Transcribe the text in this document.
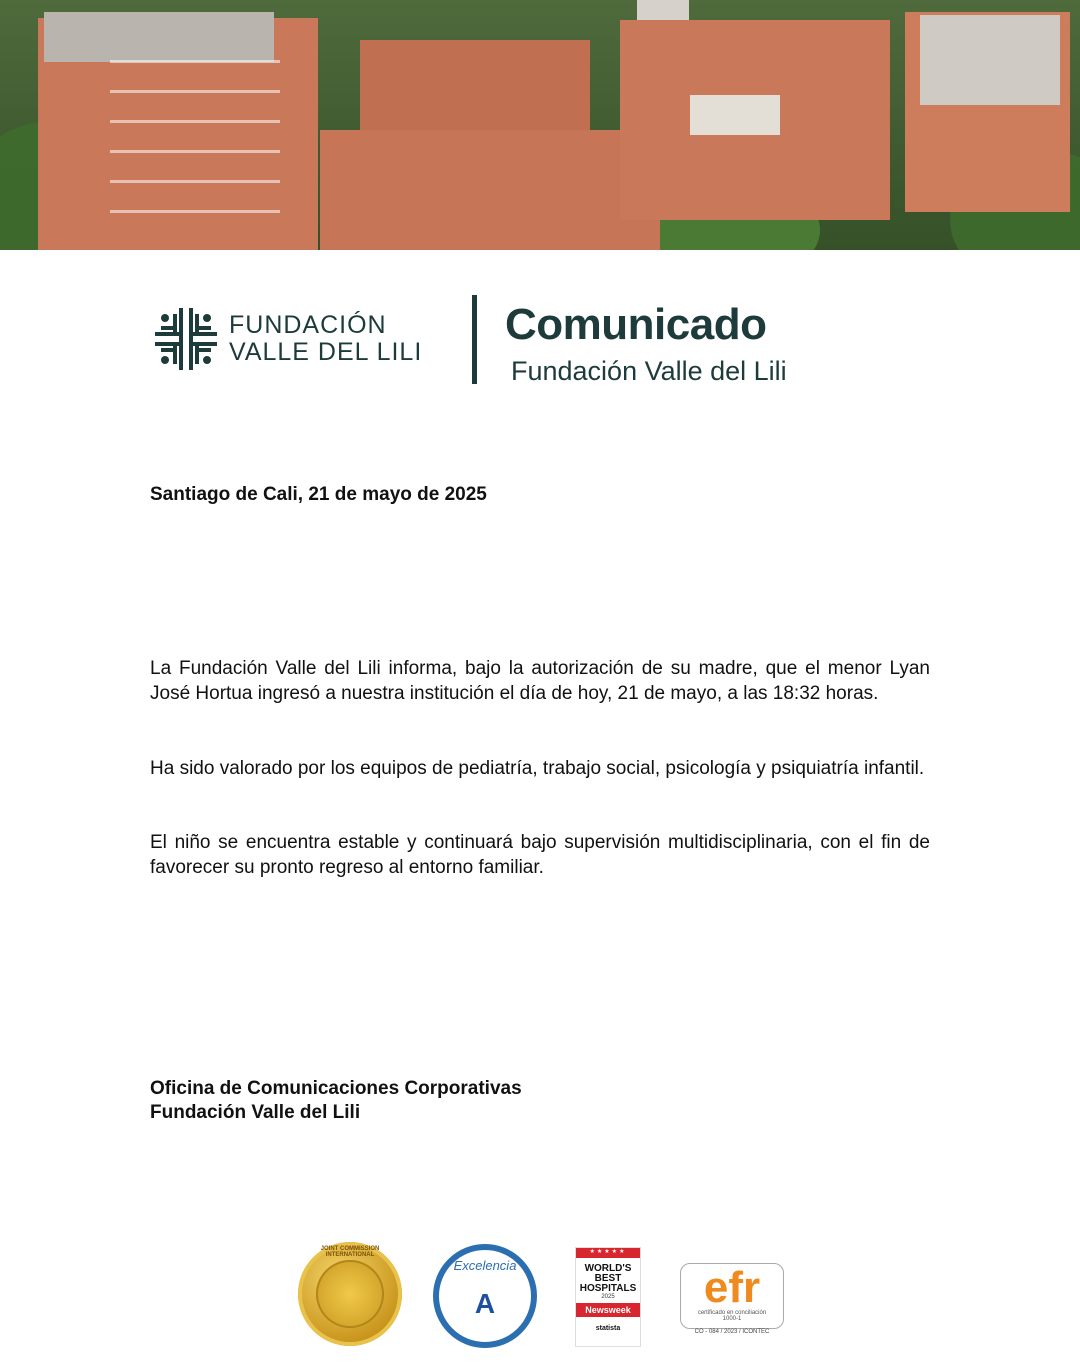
FUNDACIÓN
VALLE DEL LILI
Comunicado
Fundación Valle del Lili
Santiago de Cali, 21 de mayo de 2025

La Fundación Valle del Lili informa, bajo la autorización de su madre, que el menor Lyan José Hortua ingresó a nuestra institución el día de hoy, 21 de mayo, a las 18:32 horas.

Ha sido valorado por los equipos de pediatría, trabajo social, psicología y psiquiatría infantil.

El niño se encuentra estable y continuará bajo supervisión multidisciplinaria, con el fin de favorecer su pronto regreso al entorno familiar.

Oficina de Comunicaciones Corporativas
Fundación Valle del Lili
JOINT COMMISSION INTERNATIONAL
Excelencia
A
★★★★★
WORLD'S BEST HOSPITALS
2025
Newsweek
statista
efr
certificado en conciliación
1000-1
CO - 084 / 2023 / ICONTEC
